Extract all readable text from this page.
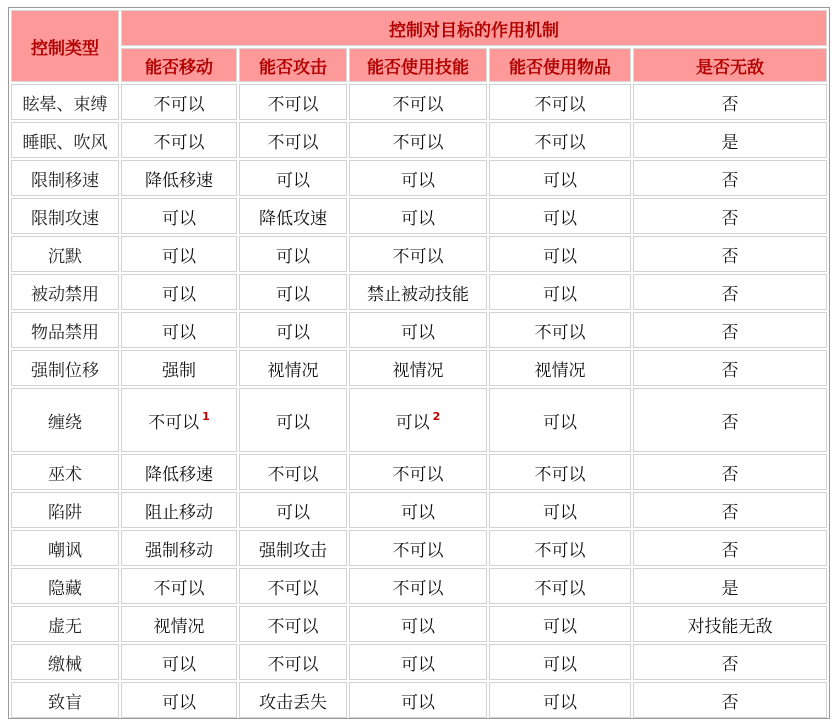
控制类型	控制对目标的作用机制				
	能否移动	能否攻击	能否使用技能	能否使用物品	是否无敌
眩晕、束缚	不可以	不可以	不可以	不可以	否
睡眠、吹风	不可以	不可以	不可以	不可以	是
限制移速	降低移速	可以	可以	可以	否
限制攻速	可以	降低攻速	可以	可以	否
沉默	可以	可以	不可以	可以	否
被动禁用	可以	可以	禁止被动技能	可以	否
物品禁用	可以	可以	可以	不可以	否
强制位移	强制	视情况	视情况	视情况	否
缠绕	不可以 $^1$	可以	可以 $^2$	可以	否
巫术	降低移速	不可以	不可以	不可以	否
陷阱	阻止移动	可以	可以	可以	否
嘲讽	强制移动	强制攻击	不可以	不可以	否
隐藏	不可以	不可以	不可以	不可以	是
虚无	视情况	不可以	可以	可以	对技能无敌
缴械	可以	不可以	可以	可以	否
致盲	可以	攻击丢失	可以	可以	否
